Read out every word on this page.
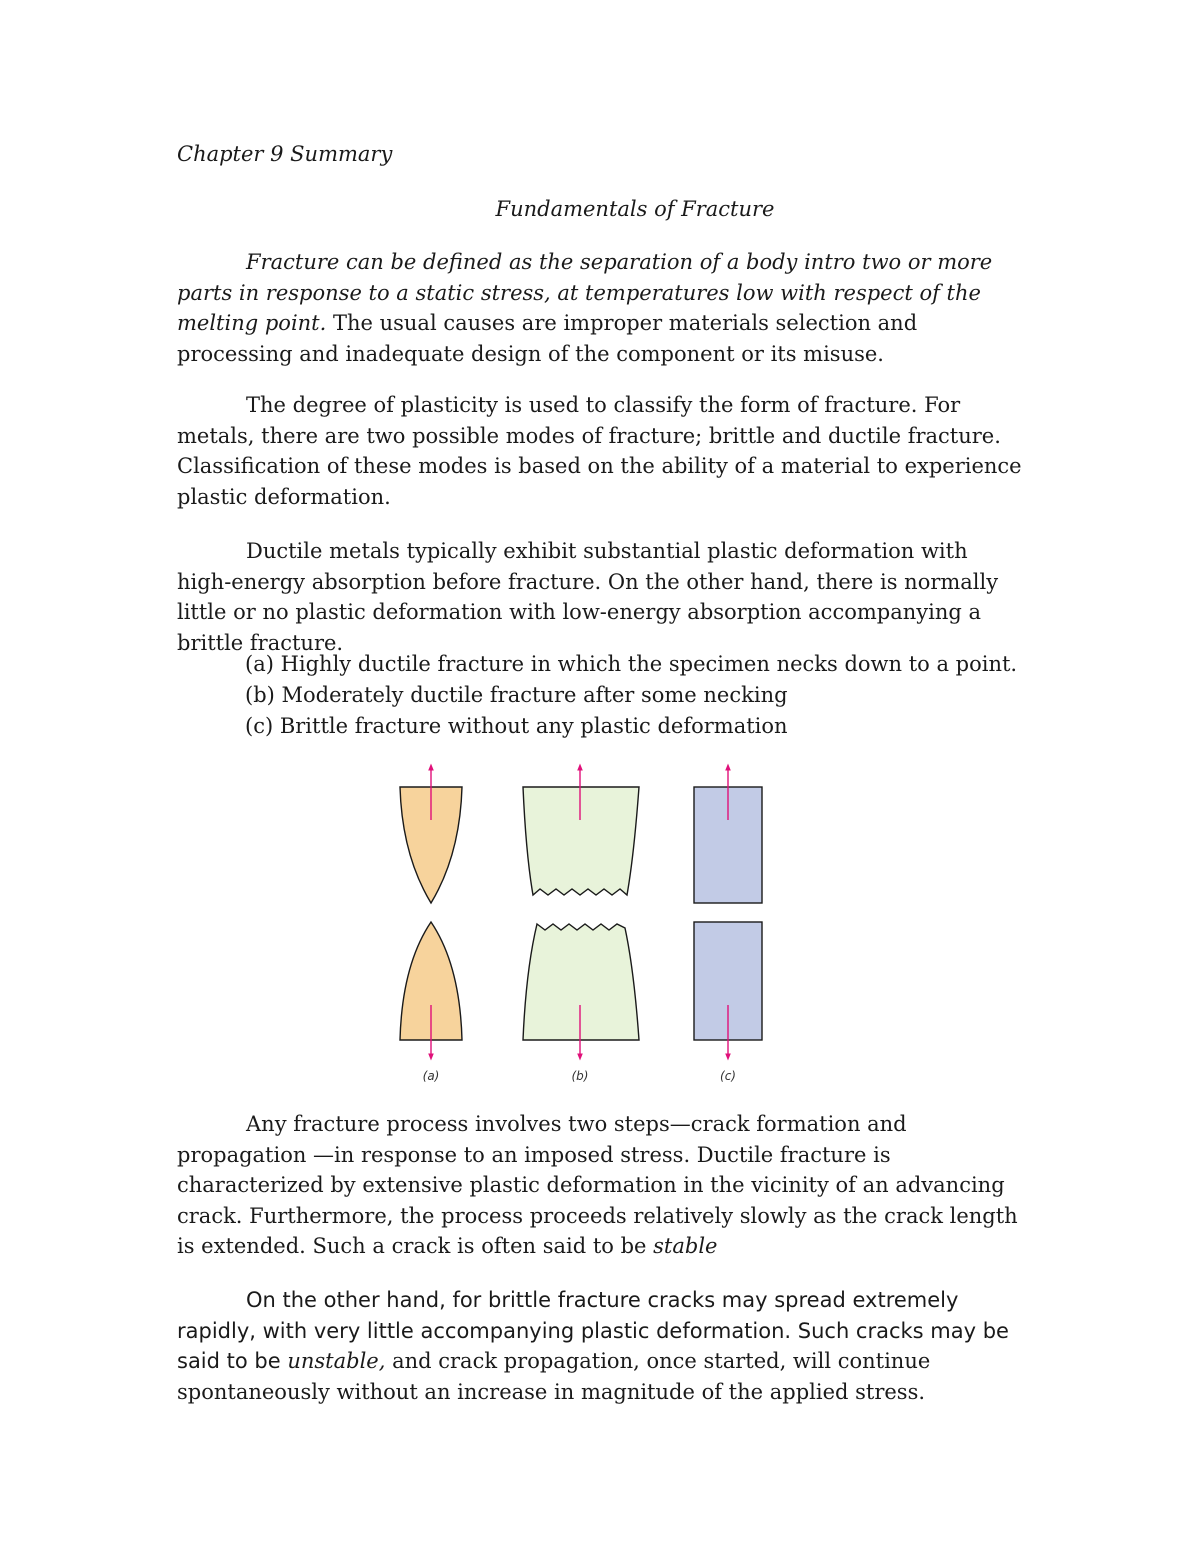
Chapter 9 Summary
Fundamentals of Fracture

Fracture can be defined as the separation of a body intro two or more parts in response to a static stress, at temperatures low with respect of the melting point. The usual causes are improper materials selection and processing and inadequate design of the component or its misuse.

The degree of plasticity is used to classify the form of fracture. For metals, there are two possible modes of fracture; brittle and ductile fracture. Classification of these modes is based on the ability of a material to experience plastic deformation.

Ductile metals typically exhibit substantial plastic deformation with high-energy absorption before fracture. On the other hand, there is normally little or no plastic deformation with low-energy absorption accompanying a brittle fracture.

(a) Highly ductile fracture in which the specimen necks down to a point.
(b) Moderately ductile fracture after some necking
(c) Brittle fracture without any plastic deformation
(a)	(b)	(c)

Any fracture process involves two steps—crack formation and propagation —in response to an imposed stress. Ductile fracture is characterized by extensive plastic deformation in the vicinity of an advancing crack. Furthermore, the process proceeds relatively slowly as the crack length is extended. Such a crack is often said to be stable

On the other hand, for brittle fracture cracks may spread extremely rapidly, with very little accompanying plastic deformation. Such cracks may be said to be unstable, and crack propagation, once started, will continue spontaneously without an increase in magnitude of the applied stress.
